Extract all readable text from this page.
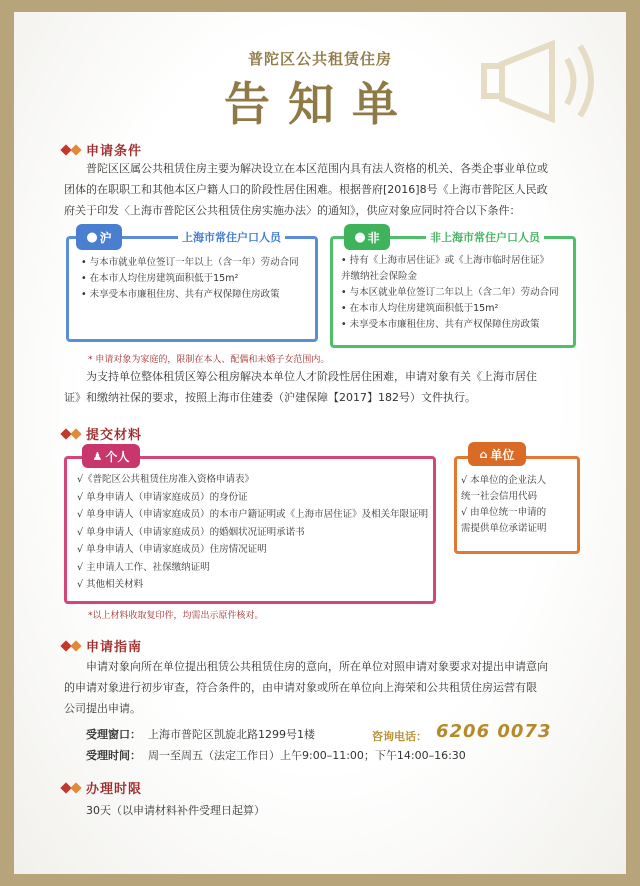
普陀区公共租赁住房
告知单
申请条件
普陀区区属公共租赁住房主要为解决设立在本区范围内具有法人资格的机关、各类企事业单位或
团体的在职职工和其他本区户籍人口的阶段性居住困难。根据普府[2016]8号《上海市普陀区人民政
府关于印发〈上海市普陀区公共租赁住房实施办法〉的通知》，供应对象应同时符合以下条件：
• 与本市就业单位签订一年以上（含一年）劳动合同
• 在本市人均住房建筑面积低于15m²
• 未享受本市廉租住房、共有产权保障住房政策
● 沪	上海市常住户口人员
• 持有《上海市居住证》或《上海市临时居住证》
并缴纳社会保险金
• 与本区就业单位签订二年以上（含二年）劳动合同
• 在本市人均住房建筑面积低于15m²
• 未享受本市廉租住房、共有产权保障住房政策
● 非	非上海市常住户口人员
* 申请对象为家庭的，限制在本人、配偶和未婚子女范围内。
为支持单位整体租赁区筹公租房解决本单位人才阶段性居住困难，申请对象有关《上海市居住
证》和缴纳社保的要求，按照上海市住建委（沪建保障【2017】182号）文件执行。
提交材料
√《普陀区公共租赁住房准入资格申请表》
√ 单身申请人（申请家庭成员）的身份证
√ 单身申请人（申请家庭成员）的本市户籍证明或《上海市居住证》及相关年限证明
√ 单身申请人（申请家庭成员）的婚姻状况证明承诺书
√ 单身申请人（申请家庭成员）住房情况证明
√ 主申请人工作、社保缴纳证明
√ 其他相关材料
♟ 个人
√ 本单位的企业法人
统一社会信用代码
√ 由单位统一申请的
需提供单位承诺证明
⌂ 单位
*以上材料收取复印件，均需出示原件核对。
申请指南
申请对象向所在单位提出租赁公共租赁住房的意向，所在单位对照申请对象要求对提出申请意向
的申请对象进行初步审查，符合条件的，由申请对象或所在单位向上海荣和公共租赁住房运营有限
公司提出申请。
受理窗口： 上海市普陀区凯旋北路1299号1楼	咨询电话： 6206 0073
受理时间： 周一至周五（法定工作日）上午9:00–11:00；下午14:00–16:30
办理时限
30天（以申请材料补件受理日起算）
